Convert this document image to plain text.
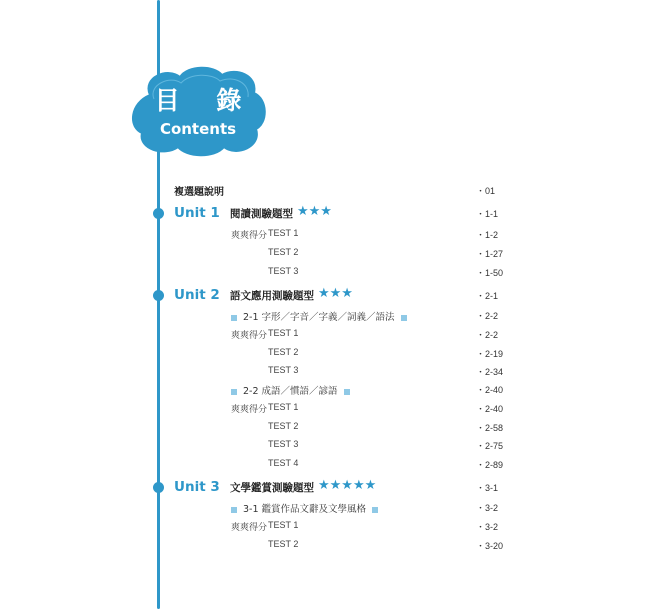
目 錄
Contents
複選題說明	・01
Unit 1 閱讀測驗題型 ★★★	・1-1
爽爽得分 TEST 1	・1-2
TEST 2	・1-27
TEST 3	・1-50
Unit 2 語文應用測驗題型 ★★★	・2-1
2-1 字形／字音／字義／詞義／語法	・2-2
爽爽得分 TEST 1	・2-2
TEST 2	・2-19
TEST 3	・2-34
2-2 成語／慣語／諺語	・2-40
爽爽得分 TEST 1	・2-40
TEST 2	・2-58
TEST 3	・2-75
TEST 4	・2-89
Unit 3 文學鑑賞測驗題型 ★★★★★	・3-1
3-1 鑑賞作品文辭及文學風格	・3-2
爽爽得分 TEST 1	・3-2
TEST 2	・3-20
